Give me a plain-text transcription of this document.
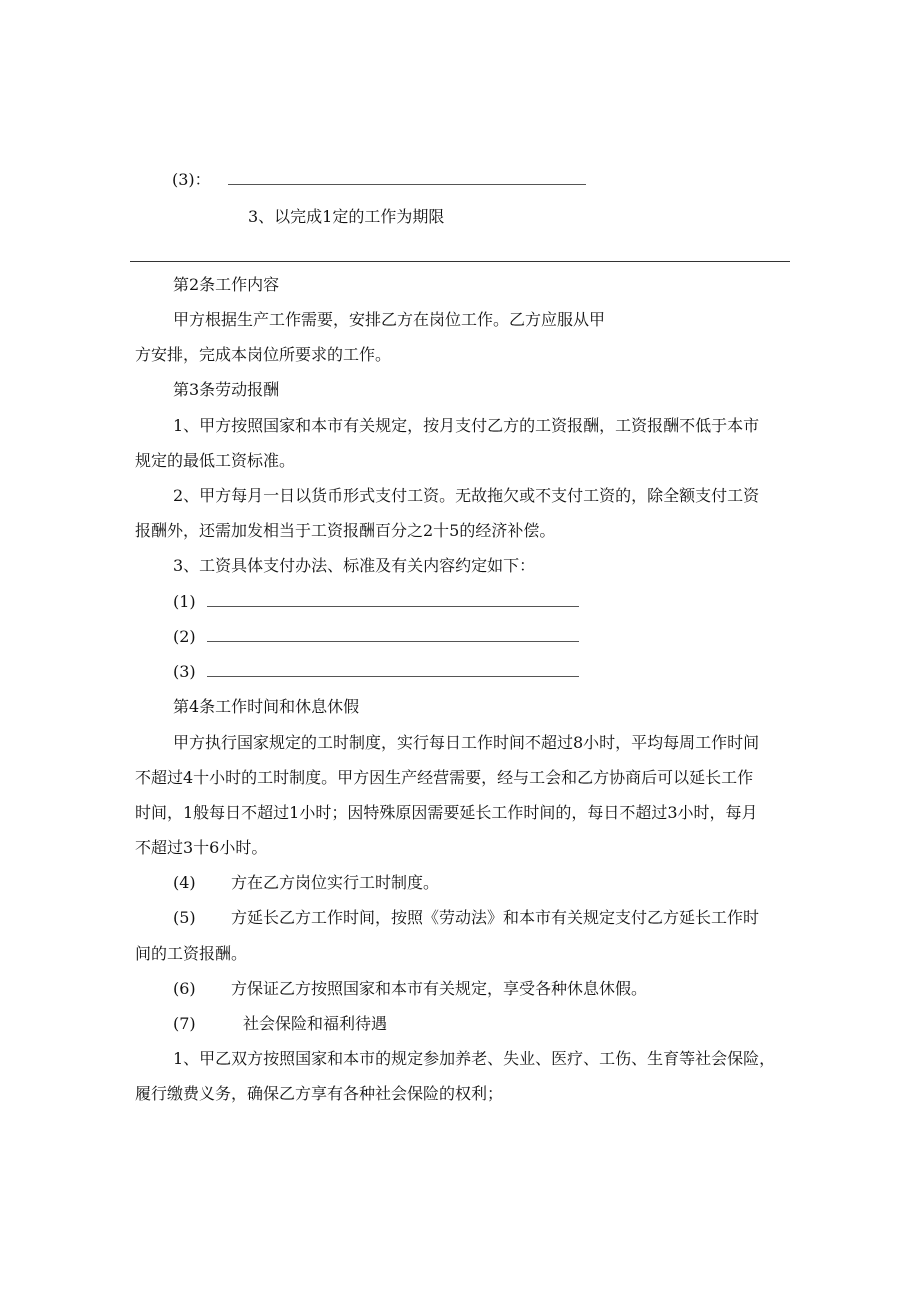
(3)：
3、以完成1定的工作为期限
第2条工作内容
甲方根据生产工作需要，安排乙方在岗位工作。乙方应服从甲
方安排，完成本岗位所要求的工作。
第3条劳动报酬
1、甲方按照国家和本市有关规定，按月支付乙方的工资报酬，工资报酬不低于本市
规定的最低工资标准。
2、甲方每月一日以货币形式支付工资。无故拖欠或不支付工资的，除全额支付工资
报酬外，还需加发相当于工资报酬百分之2十5的经济补偿。
3、工资具体支付办法、标准及有关内容约定如下：
(1)
(2)
(3)
第4条工作时间和休息休假
甲方执行国家规定的工时制度，实行每日工作时间不超过8小时，平均每周工作时间
不超过4十小时的工时制度。甲方因生产经营需要，经与工会和乙方协商后可以延长工作
时间，1般每日不超过1小时；因特殊原因需要延长工作时间的，每日不超过3小时，每月
不超过3十6小时。
(4) 方在乙方岗位实行工时制度。
(5) 方延长乙方工作时间，按照《劳动法》和本市有关规定支付乙方延长工作时
间的工资报酬。
(6) 方保证乙方按照国家和本市有关规定，享受各种休息休假。
(7)	社会保险和福利待遇
1、甲乙双方按照国家和本市的规定参加养老、失业、医疗、工伤、生育等社会保险，
履行缴费义务，确保乙方享有各种社会保险的权利；
